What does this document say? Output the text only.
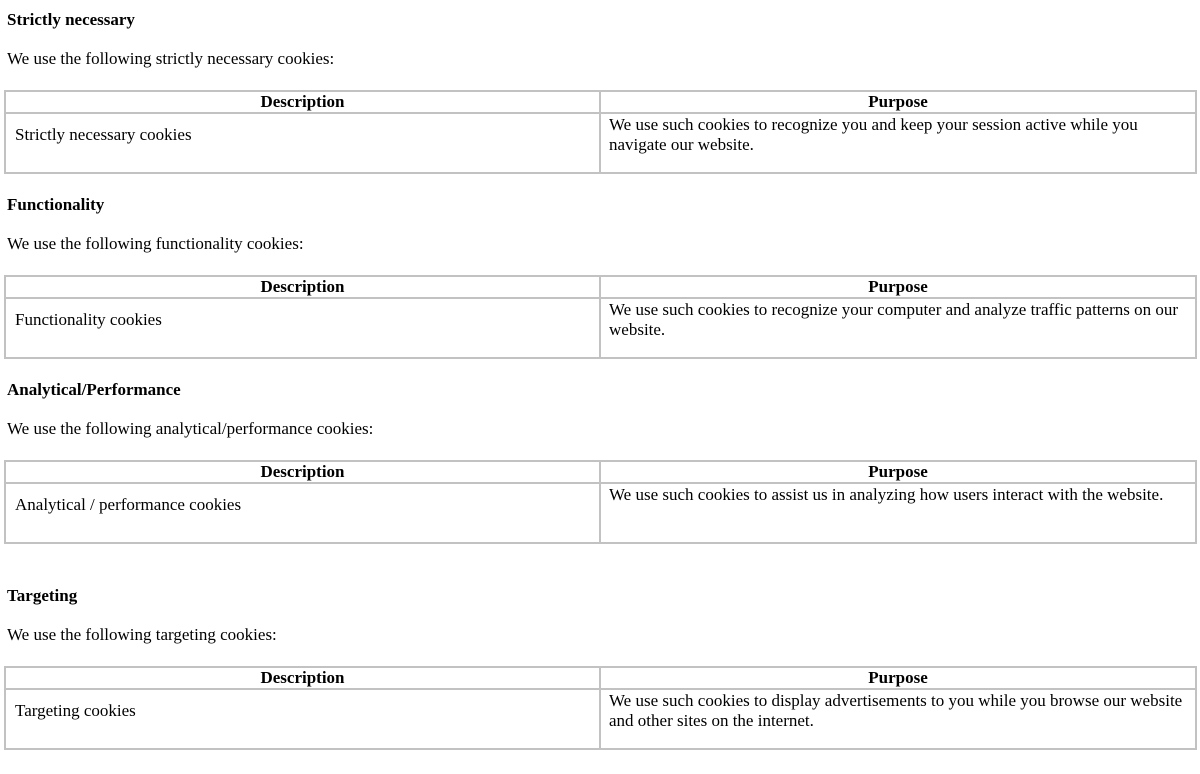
Strictly necessary
We use the following strictly necessary cookies:
Description	Purpose
Strictly necessary cookies	We use such cookies to recognize you and keep your session active while you navigate our website.
Functionality
We use the following functionality cookies:
Description	Purpose
Functionality cookies	We use such cookies to recognize your computer and analyze traffic patterns on our website.
Analytical/Performance
We use the following analytical/performance cookies:
Description	Purpose
Analytical / performance cookies	We use such cookies to assist us in analyzing how users interact with the website.
Targeting
We use the following targeting cookies:
Description	Purpose
Targeting cookies	We use such cookies to display advertisements to you while you browse our website and other sites on the internet.
